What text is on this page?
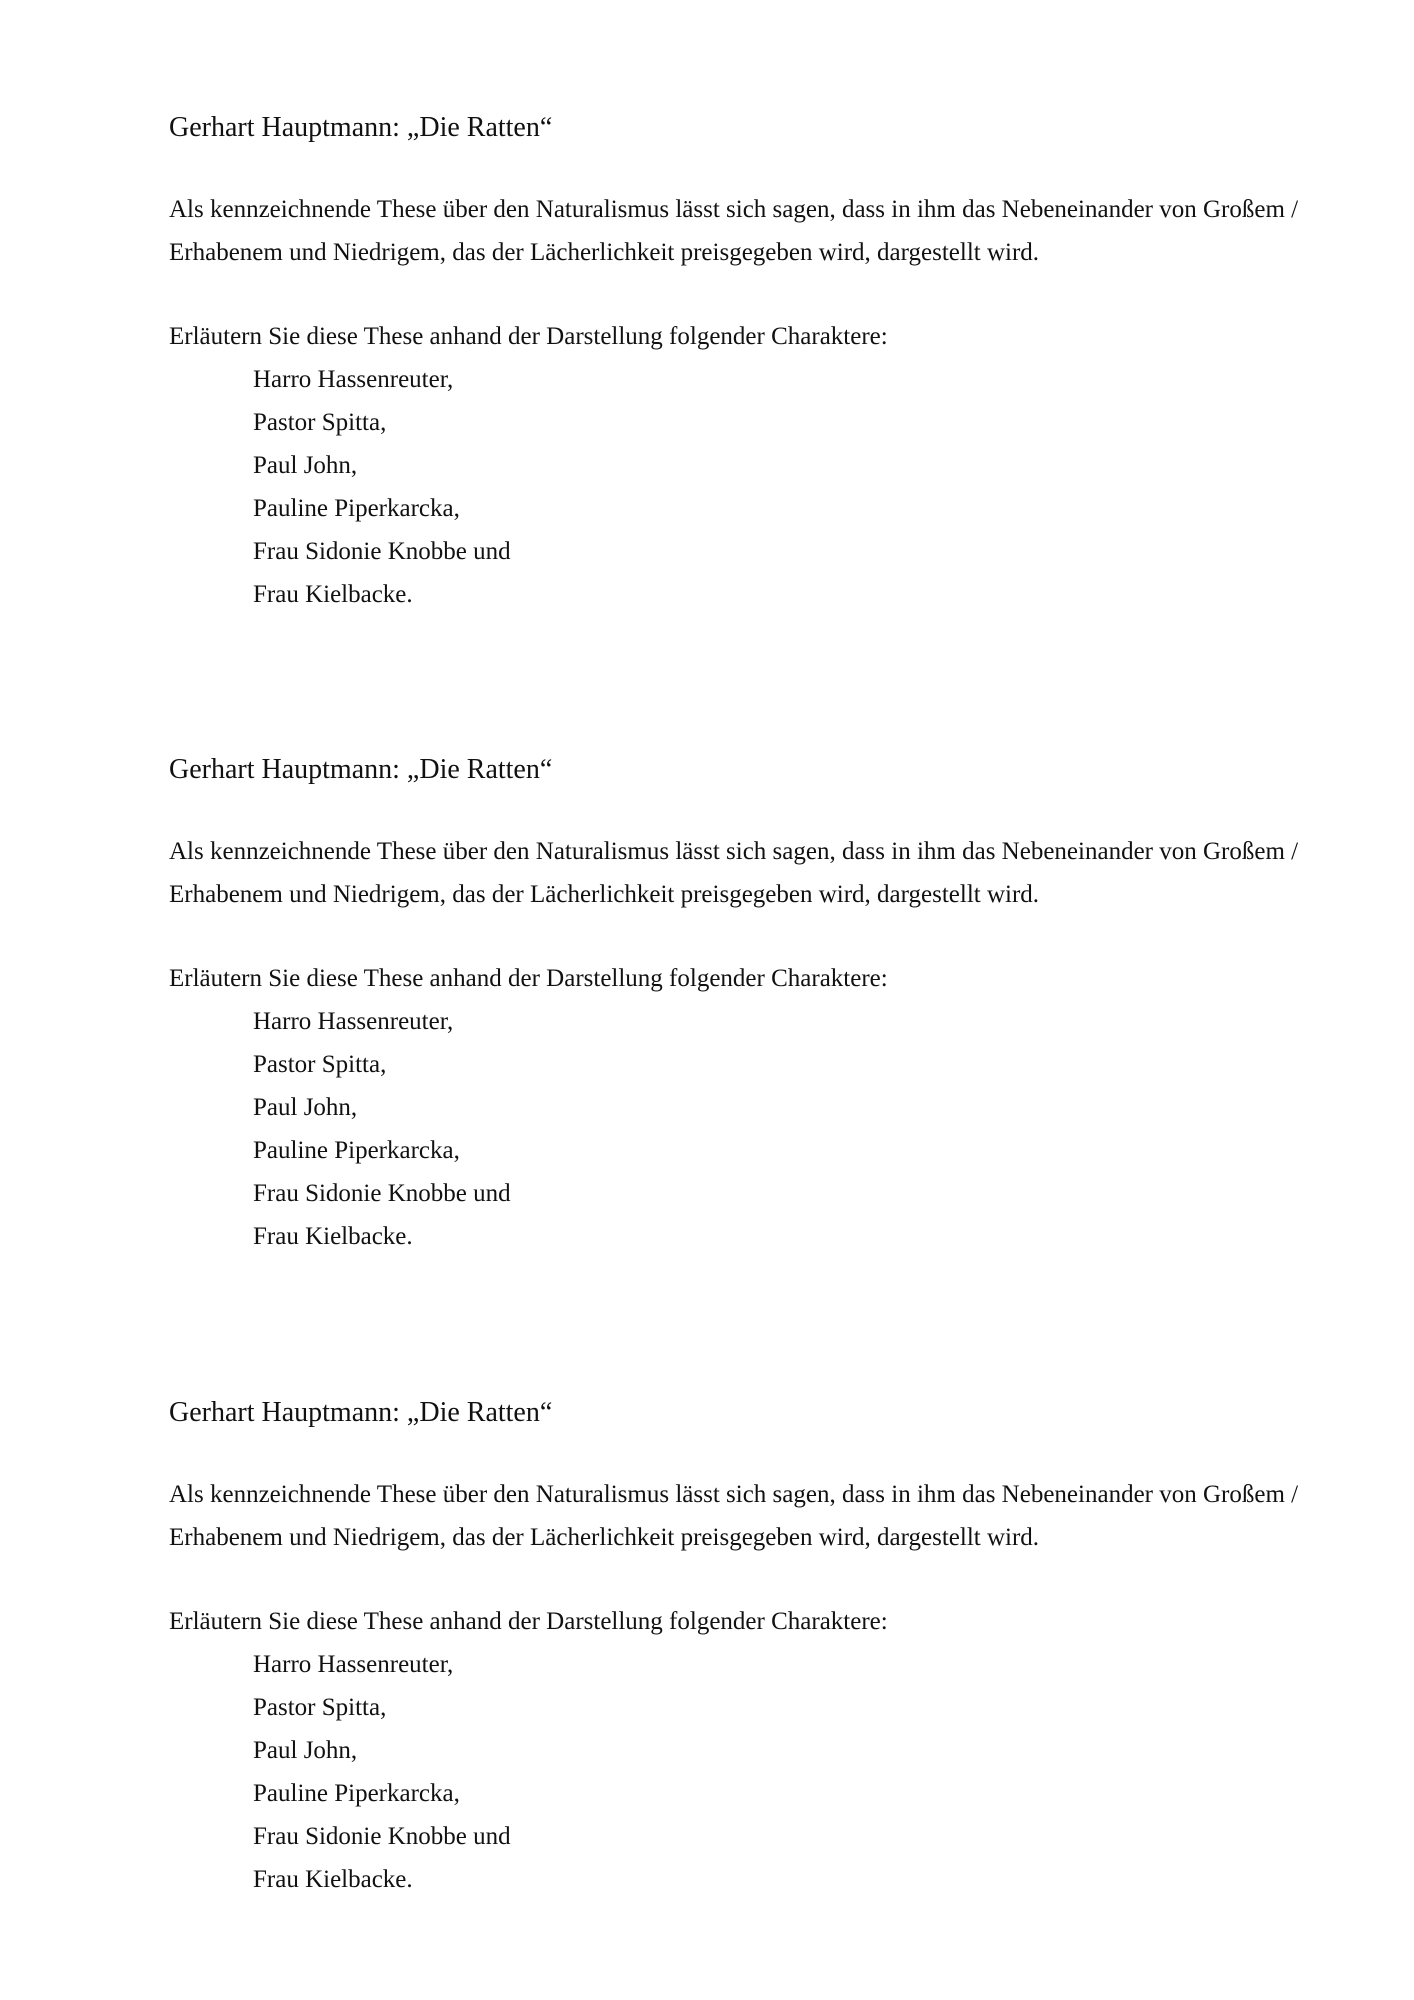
Gerhart Hauptmann: „Die Ratten“

Als kennzeichnende These über den Naturalismus lässt sich sagen, dass in ihm das Nebeneinander von Großem / Erhabenem und Niedrigem, das der Lächerlichkeit preisgegeben wird, dargestellt wird.

Erläutern Sie diese These anhand der Darstellung folgender Charaktere:

Harro Hassenreuter,
Pastor Spitta,
Paul John,
Pauline Piperkarcka,
Frau Sidonie Knobbe und
Frau Kielbacke.
Gerhart Hauptmann: „Die Ratten“

Als kennzeichnende These über den Naturalismus lässt sich sagen, dass in ihm das Nebeneinander von Großem / Erhabenem und Niedrigem, das der Lächerlichkeit preisgegeben wird, dargestellt wird.

Erläutern Sie diese These anhand der Darstellung folgender Charaktere:

Harro Hassenreuter,
Pastor Spitta,
Paul John,
Pauline Piperkarcka,
Frau Sidonie Knobbe und
Frau Kielbacke.
Gerhart Hauptmann: „Die Ratten“

Als kennzeichnende These über den Naturalismus lässt sich sagen, dass in ihm das Nebeneinander von Großem / Erhabenem und Niedrigem, das der Lächerlichkeit preisgegeben wird, dargestellt wird.

Erläutern Sie diese These anhand der Darstellung folgender Charaktere:

Harro Hassenreuter,
Pastor Spitta,
Paul John,
Pauline Piperkarcka,
Frau Sidonie Knobbe und
Frau Kielbacke.
